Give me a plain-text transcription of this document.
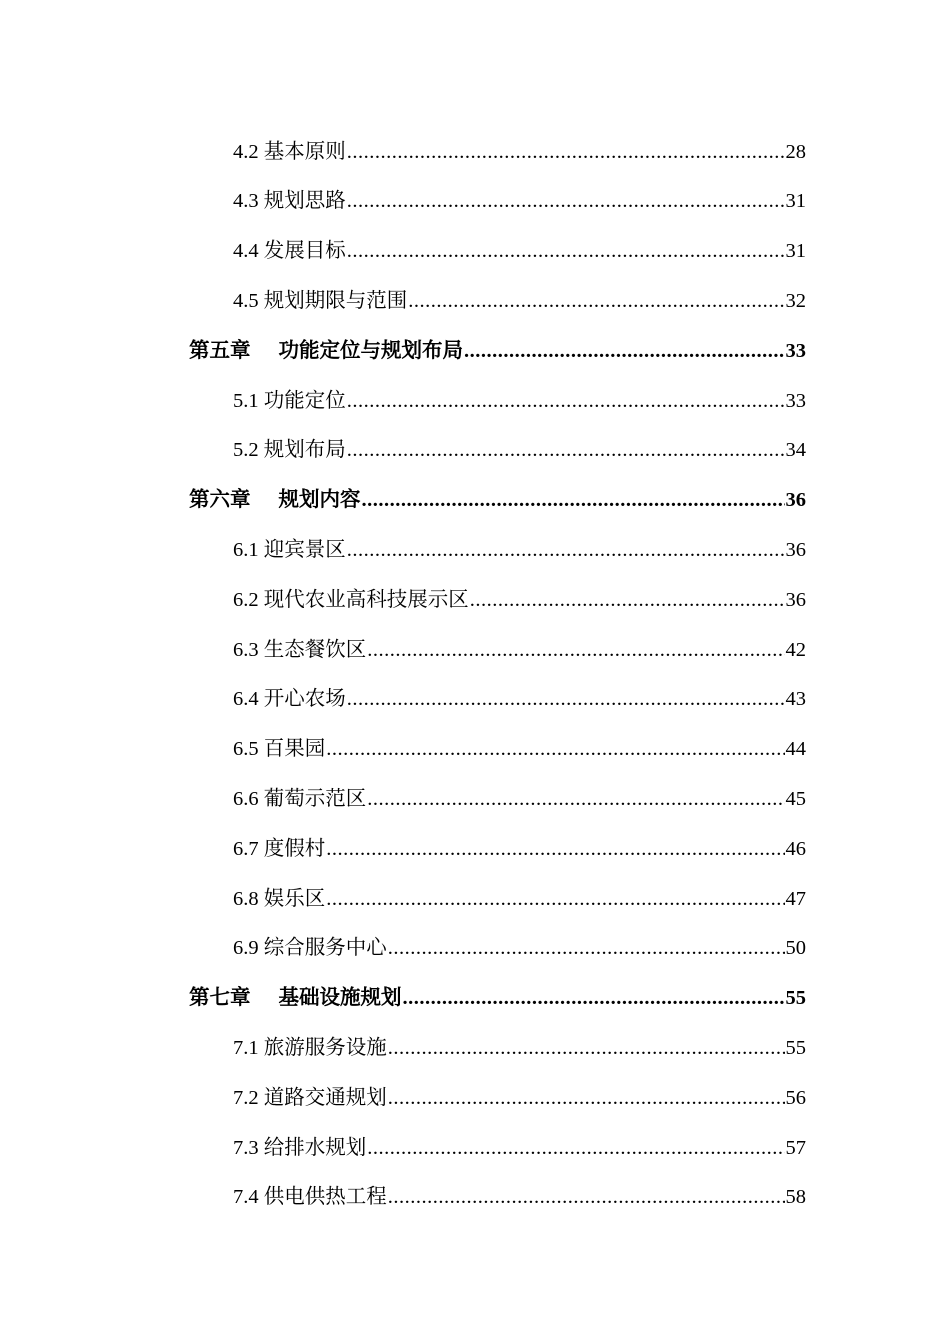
4.2 基本原则 .....	28
4.3 规划思路 .....	31
4.4 发展目标 .....	31
4.5 规划期限与范围 .....	32
第五章 功能定位与规划布局 .....	33
5.1 功能定位 .....	33
5.2 规划布局 .....	34
第六章 规划内容 .....	36
6.1 迎宾景区 .....	36
6.2 现代农业高科技展示区 .....	36
6.3 生态餐饮区 .....	42
6.4 开心农场 .....	43
6.5 百果园 .....	44
6.6 葡萄示范区 .....	45
6.7 度假村 .....	46
6.8 娱乐区 .....	47
6.9 综合服务中心 .....	50
第七章 基础设施规划 .....	55
7.1 旅游服务设施 .....	55
7.2 道路交通规划 .....	56
7.3 给排水规划 .....	57
7.4 供电供热工程 .....	58
